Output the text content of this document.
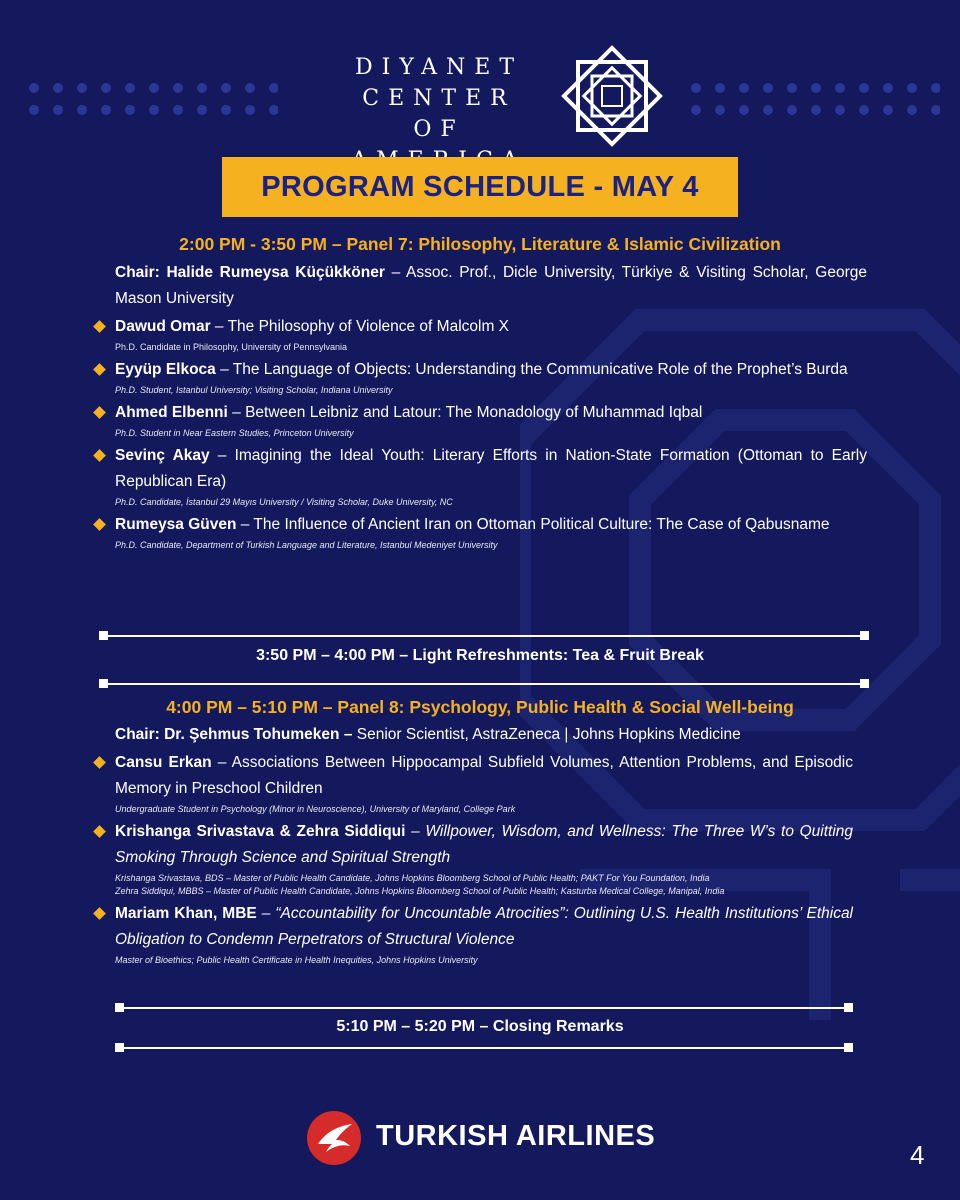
DIYANET
CENTER OF
PROGRAM SCHEDULE - MAY 4
2:00 PM - 3:50 PM – Panel 7: Philosophy, Literature & Islamic Civilization
Chair: Halide Rumeysa Küçükköner – Assoc. Prof., Dicle University, Türkiye & Visiting Scholar, George Mason University
Dawud Omar – The Philosophy of Violence of Malcolm X
Ph.D. Candidate in Philosophy, University of Pennsylvania
Eyyüp Elkoca – The Language of Objects: Understanding the Communicative Role of the Prophet’s Burda
Ph.D. Student, Istanbul University; Visiting Scholar, Indiana University
Ahmed Elbenni – Between Leibniz and Latour: The Monadology of Muhammad Iqbal
Ph.D. Student in Near Eastern Studies, Princeton University
Sevinç Akay – Imagining the Ideal Youth: Literary Efforts in Nation-State Formation (Ottoman to Early Republican Era)
Ph.D. Candidate, İstanbul 29 Mayıs University / Visiting Scholar, Duke University, NC
Rumeysa Güven – The Influence of Ancient Iran on Ottoman Political Culture: The Case of Qabusname
Ph.D. Candidate, Department of Turkish Language and Literature, Istanbul Medeniyet University
3:50 PM – 4:00 PM – Light Refreshments: Tea & Fruit Break
4:00 PM – 5:10 PM – Panel 8: Psychology, Public Health & Social Well-being
Chair: Dr. Şehmus Tohumeken – Senior Scientist, AstraZeneca | Johns Hopkins Medicine
Cansu Erkan – Associations Between Hippocampal Subfield Volumes, Attention Problems, and Episodic Memory in Preschool Children
Undergraduate Student in Psychology (Minor in Neuroscience), University of Maryland, College Park
Krishanga Srivastava & Zehra Siddiqui – Willpower, Wisdom, and Wellness: The Three W’s to Quitting Smoking Through Science and Spiritual Strength
Krishanga Srivastava, BDS – Master of Public Health Candidate, Johns Hopkins Bloomberg School of Public Health; PAKT For You Foundation, India
Zehra Siddiqui, MBBS – Master of Public Health Candidate, Johns Hopkins Bloomberg School of Public Health; Kasturba Medical College, Manipal, India
Mariam Khan, MBE – “Accountability for Uncountable Atrocities”: Outlining U.S. Health Institutions’ Ethical Obligation to Condemn Perpetrators of Structural Violence
Master of Bioethics; Public Health Certificate in Health Inequities, Johns Hopkins University
5:10 PM – 5:20 PM – Closing Remarks
TURKISH AIRLINES
4
